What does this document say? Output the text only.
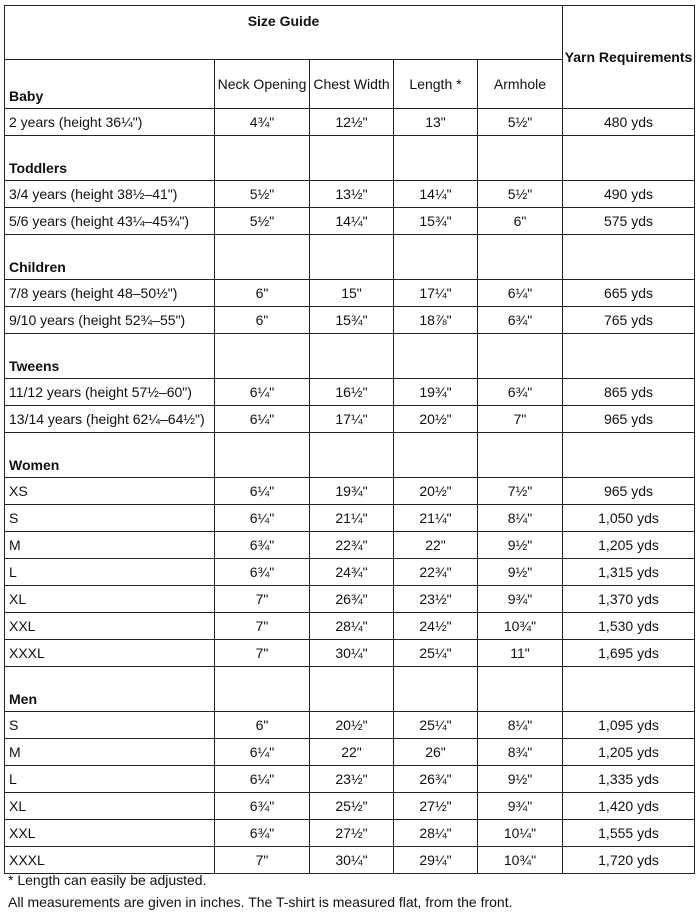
Size Guide					Yarn Requirements
Baby	Neck Opening	Chest Width	Length *	Armhole	
2 years (height 36¼")	4¾"	12½"	13"	5½"	480 yds
Toddlers					
3/4 years (height 38½–41")	5½"	13½"	14¼"	5½"	490 yds
5/6 years (height 43¼–45¾")	5½"	14¼"	15¾"	6"	575 yds
Children					
7/8 years (height 48–50½")	6"	15"	17¼"	6¼"	665 yds
9/10 years (height 52¾–55")	6"	15¾"	18⅞"	6¾"	765 yds
Tweens					
11/12 years (height 57½–60")	6¼"	16½"	19¾"	6¾"	865 yds
13/14 years (height 62¼–64½")	6¼"	17¼"	20½"	7"	965 yds
Women					
XS	6¼"	19¾"	20½"	7½"	965 yds
S	6¼"	21¼"	21¼"	8¼"	1,050 yds
M	6¾"	22¾"	22"	9½"	1,205 yds
L	6¾"	24¾"	22¾"	9½"	1,315 yds
XL	7"	26¾"	23½"	9¾"	1,370 yds
XXL	7"	28¼"	24½"	10¾"	1,530 yds
XXXL	7"	30¼"	25¼"	11"	1,695 yds
Men					
S	6"	20½"	25¼"	8¼"	1,095 yds
M	6¼"	22"	26"	8¾"	1,205 yds
L	6¼"	23½"	26¾"	9½"	1,335 yds
XL	6¾"	25½"	27½"	9¾"	1,420 yds
XXL	6¾"	27½"	28¼"	10¼"	1,555 yds
XXXL	7"	30¼"	29¼"	10¾"	1,720 yds
* Length can easily be adjusted.
All measurements are given in inches. The T-shirt is measured flat, from the front.
